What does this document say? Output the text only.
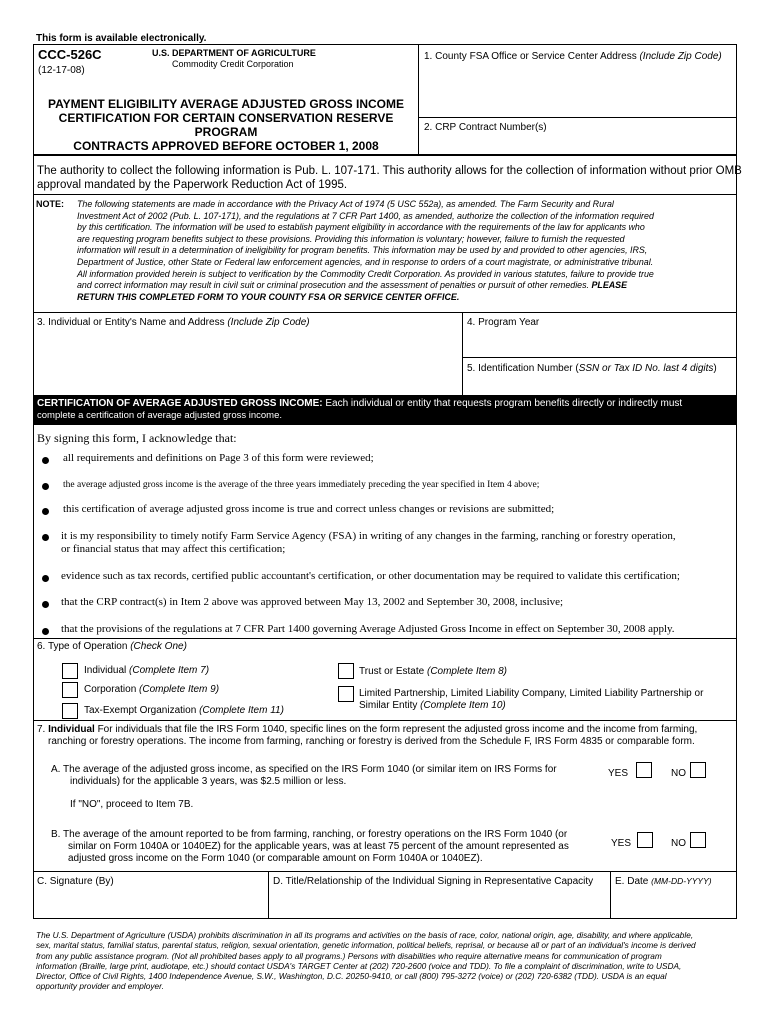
This form is available electronically.
CCC-526C
(12-17-08)
U.S. DEPARTMENT OF AGRICULTURE
Commodity Credit Corporation
PAYMENT ELIGIBILITY AVERAGE ADJUSTED GROSS INCOME
CERTIFICATION FOR CERTAIN CONSERVATION RESERVE PROGRAM
CONTRACTS APPROVED BEFORE OCTOBER 1, 2008
1. County FSA Office or Service Center Address (Include Zip Code)
2. CRP Contract Number(s)
The authority to collect the following information is Pub. L. 107-171. This authority allows for the collection of information without prior OMB
approval mandated by the Paperwork Reduction Act of 1995.
NOTE: The following statements are made in accordance with the Privacy Act of 1974 (5 USC 552a), as amended. The Farm Security and Rural
Investment Act of 2002 (Pub. L. 107-171), and the regulations at 7 CFR Part 1400, as amended, authorize the collection of the information required
by this certification. The information will be used to establish payment eligibility in accordance with the requirements of the law for applicants who
are requesting program benefits subject to these provisions. Providing this information is voluntary; however, failure to furnish the requested
information will result in a determination of ineligibility for program benefits. This information may be used by and provided to other agencies, IRS,
Department of Justice, other State or Federal law enforcement agencies, and in response to orders of a court magistrate, or administrative tribunal.
All information provided herein is subject to verification by the Commodity Credit Corporation. As provided in various statutes, failure to provide true
and correct information may result in civil suit or criminal prosecution and the assessment of penalties or pursuit of other remedies. PLEASE
RETURN THIS COMPLETED FORM TO YOUR COUNTY FSA OR SERVICE CENTER OFFICE.
3. Individual or Entity's Name and Address (Include Zip Code)	4. Program Year
5. Identification Number (SSN or Tax ID No. last 4 digits)
CERTIFICATION OF AVERAGE ADJUSTED GROSS INCOME: Each individual or entity that requests program benefits directly or indirectly must
complete a certification of average adjusted gross income.
By signing this form, I acknowledge that:
all requirements and definitions on Page 3 of this form were reviewed;
the average adjusted gross income is the average of the three years immediately preceding the year specified in Item 4 above;
this certification of average adjusted gross income is true and correct unless changes or revisions are submitted;
it is my responsibility to timely notify Farm Service Agency (FSA) in writing of any changes in the farming, ranching or forestry operation,
or financial status that may affect this certification;
evidence such as tax records, certified public accountant's certification, or other documentation may be required to validate this certification;
that the CRP contract(s) in Item 2 above was approved between May 13, 2002 and September 30, 2008, inclusive;
that the provisions of the regulations at 7 CFR Part 1400 governing Average Adjusted Gross Income in effect on September 30, 2008 apply.
6. Type of Operation (Check One)
Individual (Complete Item 7)
Corporation (Complete Item 9)
Tax-Exempt Organization (Complete Item 11)
Trust or Estate (Complete Item 8)
Limited Partnership, Limited Liability Company, Limited Liability Partnership or
Similar Entity (Complete Item 10)
7. Individual For individuals that file the IRS Form 1040, specific lines on the form represent the adjusted gross income and the income from farming,
ranching or forestry operations. The income from farming, ranching or forestry is derived from the Schedule F, IRS Form 4835 or comparable form.
A. The average of the adjusted gross income, as specified on the IRS Form 1040 (or similar item on IRS Forms for
individuals) for the applicable 3 years, was $2.5 million or less.
YES	NO
If "NO", proceed to Item 7B.
B. The average of the amount reported to be from farming, ranching, or forestry operations on the IRS Form 1040 (or
similar on Form 1040A or 1040EZ) for the applicable years, was at least 75 percent of the amount represented as
adjusted gross income on the Form 1040 (or comparable amount on Form 1040A or 1040EZ).
YES	NO
C. Signature (By)	D. Title/Relationship of the Individual Signing in Representative Capacity E. Date (MM-DD-YYYY)
The U.S. Department of Agriculture (USDA) prohibits discrimination in all its programs and activities on the basis of race, color, national origin, age, disability, and where applicable,
sex, marital status, familial status, parental status, religion, sexual orientation, genetic information, political beliefs, reprisal, or because all or part of an individual's income is derived
from any public assistance program. (Not all prohibited bases apply to all programs.) Persons with disabilities who require alternative means for communication of program
information (Braille, large print, audiotape, etc.) should contact USDA's TARGET Center at (202) 720-2600 (voice and TDD). To file a complaint of discrimination, write to USDA,
Director, Office of Civil Rights, 1400 Independence Avenue, S.W., Washington, D.C. 20250-9410, or call (800) 795-3272 (voice) or (202) 720-6382 (TDD). USDA is an equal
opportunity provider and employer.
